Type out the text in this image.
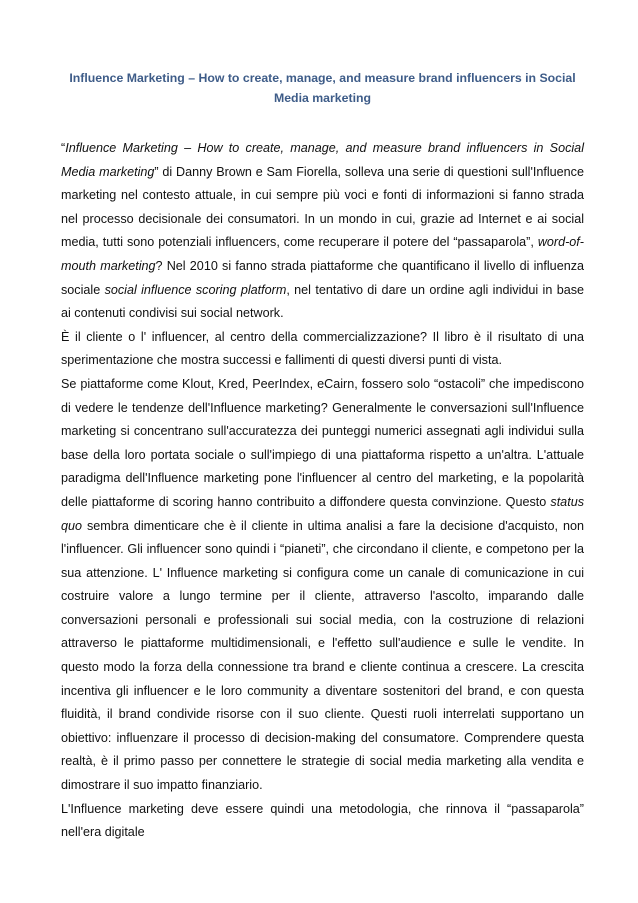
Influence Marketing – How to create, manage, and measure brand influencers in Social Media marketing

“Influence Marketing – How to create, manage, and measure brand influencers in Social Media marketing” di Danny Brown e Sam Fiorella, solleva una serie di questioni sull'Influence marketing nel contesto attuale, in cui sempre più voci e fonti di informazioni si fanno strada nel processo decisionale dei consumatori. In un mondo in cui, grazie ad Internet e ai social media, tutti sono potenziali influencers, come recuperare il potere del “passaparola”, word-of-mouth marketing? Nel 2010 si fanno strada piattaforme che quantificano il livello di influenza sociale social influence scoring platform, nel tentativo di dare un ordine agli individui in base ai contenuti condivisi sui social network.

È il cliente o l' influencer, al centro della commercializzazione? Il libro è il risultato di una sperimentazione che mostra successi e fallimenti di questi diversi punti di vista.

Se piattaforme come Klout, Kred, PeerIndex, eCairn, fossero solo “ostacoli” che impediscono di vedere le tendenze dell'Influence marketing? Generalmente le conversazioni sull'Influence marketing si concentrano sull'accuratezza dei punteggi numerici assegnati agli individui sulla base della loro portata sociale o sull'impiego di una piattaforma rispetto a un'altra. L'attuale paradigma dell'Influence marketing pone l'influencer al centro del marketing, e la popolarità delle piattaforme di scoring hanno contribuito a diffondere questa convinzione. Questo status quo sembra dimenticare che è il cliente in ultima analisi a fare la decisione d'acquisto, non l'influencer. Gli influencer sono quindi i “pianeti”, che circondano il cliente, e competono per la sua attenzione. L' Influence marketing si configura come un canale di comunicazione in cui costruire valore a lungo termine per il cliente, attraverso l'ascolto, imparando dalle conversazioni personali e professionali sui social media, con la costruzione di relazioni attraverso le piattaforme multidimensionali, e l'effetto sull'audience e sulle le vendite. In questo modo la forza della connessione tra brand e cliente continua a crescere. La crescita incentiva gli influencer e le loro community a diventare sostenitori del brand, e con questa fluidità, il brand condivide risorse con il suo cliente. Questi ruoli interrelati supportano un obiettivo: influenzare il processo di decision-making del consumatore. Comprendere questa realtà, è il primo passo per connettere le strategie di social media marketing alla vendita e dimostrare il suo impatto finanziario.

L'Influence marketing deve essere quindi una metodologia, che rinnova il “passaparola” nell'era digitale
